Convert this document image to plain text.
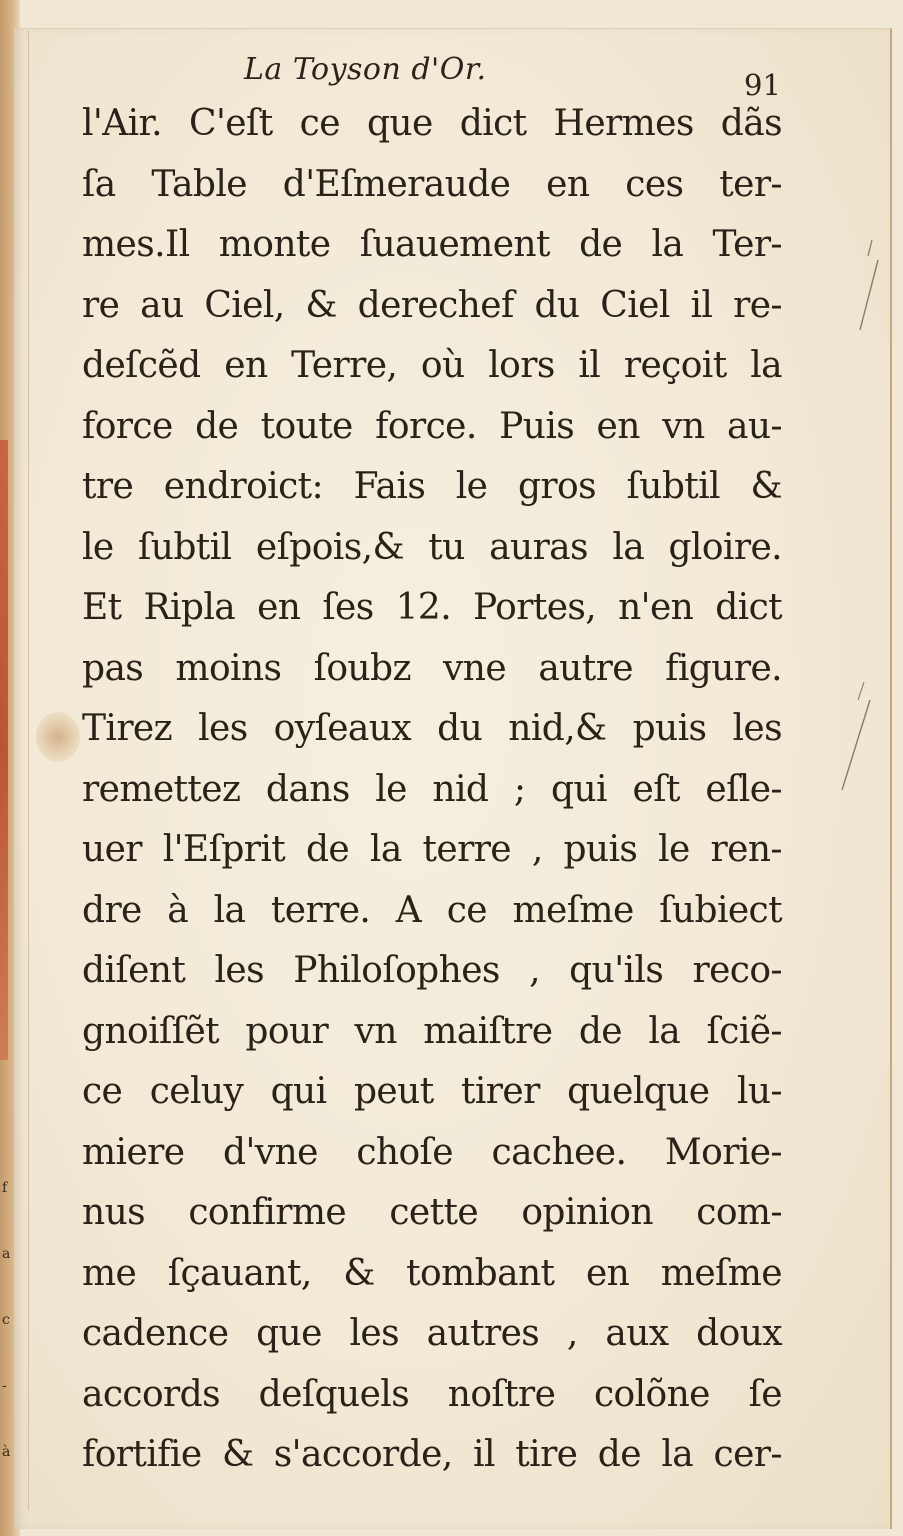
f
a
c
-
à
La Toyson d'Or.	91
l'Air. C'eſt ce que dict Hermes dãs
ſa Table d'Eſmeraude en ces ter-
mes.Il monte ſuauement de la Ter-
re au Ciel, & derechef du Ciel il re-
deſcẽd en Terre, où lors il reçoit la
force de toute force. Puis en vn au-
tre endroict: Fais le gros ſubtil &
le ſubtil eſpois,& tu auras la gloire.
Et Ripla en ſes 12. Portes, n'en dict
pas moins ſoubz vne autre figure.
Tirez les oyſeaux du nid,& puis les
remettez dans le nid ; qui eſt eſle-
uer l'Eſprit de la terre , puis le ren-
dre à la terre. A ce meſme ſubiect
diſent les Philoſophes , qu'ils reco-
gnoiſſẽt pour vn maiſtre de la ſciẽ-
ce celuy qui peut tirer quelque lu-
miere d'vne choſe cachee. Morie-
nus confirme cette opinion com-
me ſçauant, & tombant en meſme
cadence que les autres , aux doux
accords deſquels noſtre colõne ſe
fortifie & s'accorde, il tire de la cer-
